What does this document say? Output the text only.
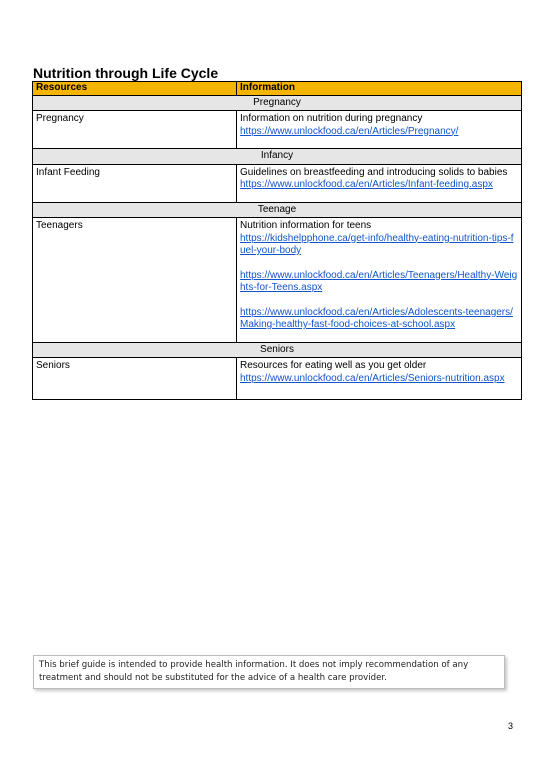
Nutrition through Life Cycle
Resources	Information
Pregnancy	
Pregnancy	Information on nutrition during pregnancy

https://www.unlockfood.ca/en/Articles/Pregnancy/

Infancy	
Infant Feeding	Guidelines on breastfeeding and introducing solids to babies

https://www.unlockfood.ca/en/Articles/Infant-feeding.aspx

Teenage	
Teenagers	Nutrition information for teens

https://kidshelpphone.ca/get-info/healthy-eating-nutrition-tips-fuel-your-body
https://www.unlockfood.ca/en/Articles/Teenagers/Healthy-Weights-for-Teens.aspx
https://www.unlockfood.ca/en/Articles/Adolescents-teenagers/Making-healthy-fast-food-choices-at-school.aspx

Seniors	
Seniors	Resources for eating well as you get older

https://www.unlockfood.ca/en/Articles/Seniors-nutrition.aspx
This brief guide is intended to provide health information. It does not imply recommendation of any treatment and should not be substituted for the advice of a health care provider.
3
